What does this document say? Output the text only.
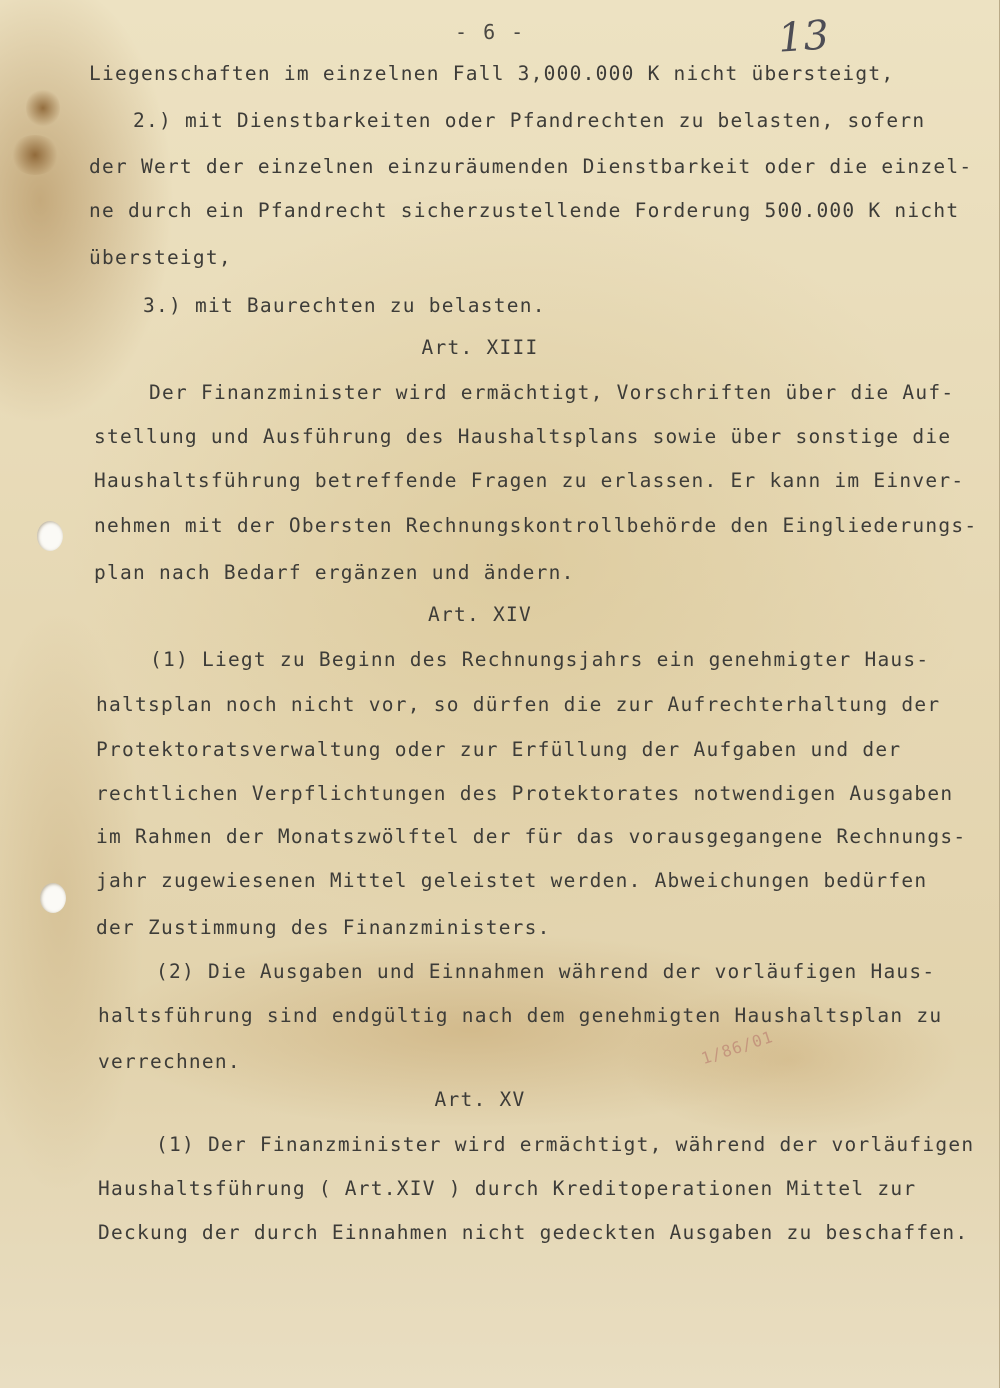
- 6 -	13
1/86/01
Liegenschaften im einzelnen Fall 3,000.000 K nicht übersteigt,
2.) mit Dienstbarkeiten oder Pfandrechten zu belasten, sofern
der Wert der einzelnen einzuräumenden Dienstbarkeit oder die einzel-
ne durch ein Pfandrecht sicherzustellende Forderung 500.000 K nicht
übersteigt,
3.) mit Baurechten zu belasten.
Art. XIII
Der Finanzminister wird ermächtigt, Vorschriften über die Auf-
stellung und Ausführung des Haushaltsplans sowie über sonstige die
Haushaltsführung betreffende Fragen zu erlassen. Er kann im Einver-
nehmen mit der Obersten Rechnungskontrollbehörde den Eingliederungs-
plan nach Bedarf ergänzen und ändern.
Art. XIV
(1) Liegt zu Beginn des Rechnungsjahrs ein genehmigter Haus-
haltsplan noch nicht vor, so dürfen die zur Aufrechterhaltung der
Protektoratsverwaltung oder zur Erfüllung der Aufgaben und der
rechtlichen Verpflichtungen des Protektorates notwendigen Ausgaben
im Rahmen der Monatszwölftel der für das vorausgegangene Rechnungs-
jahr zugewiesenen Mittel geleistet werden. Abweichungen bedürfen
der Zustimmung des Finanzministers.
(2) Die Ausgaben und Einnahmen während der vorläufigen Haus-
haltsführung sind endgültig nach dem genehmigten Haushaltsplan zu
verrechnen.
Art. XV
(1) Der Finanzminister wird ermächtigt, während der vorläufigen
Haushaltsführung ( Art.XIV ) durch Kreditoperationen Mittel zur
Deckung der durch Einnahmen nicht gedeckten Ausgaben zu beschaffen.
